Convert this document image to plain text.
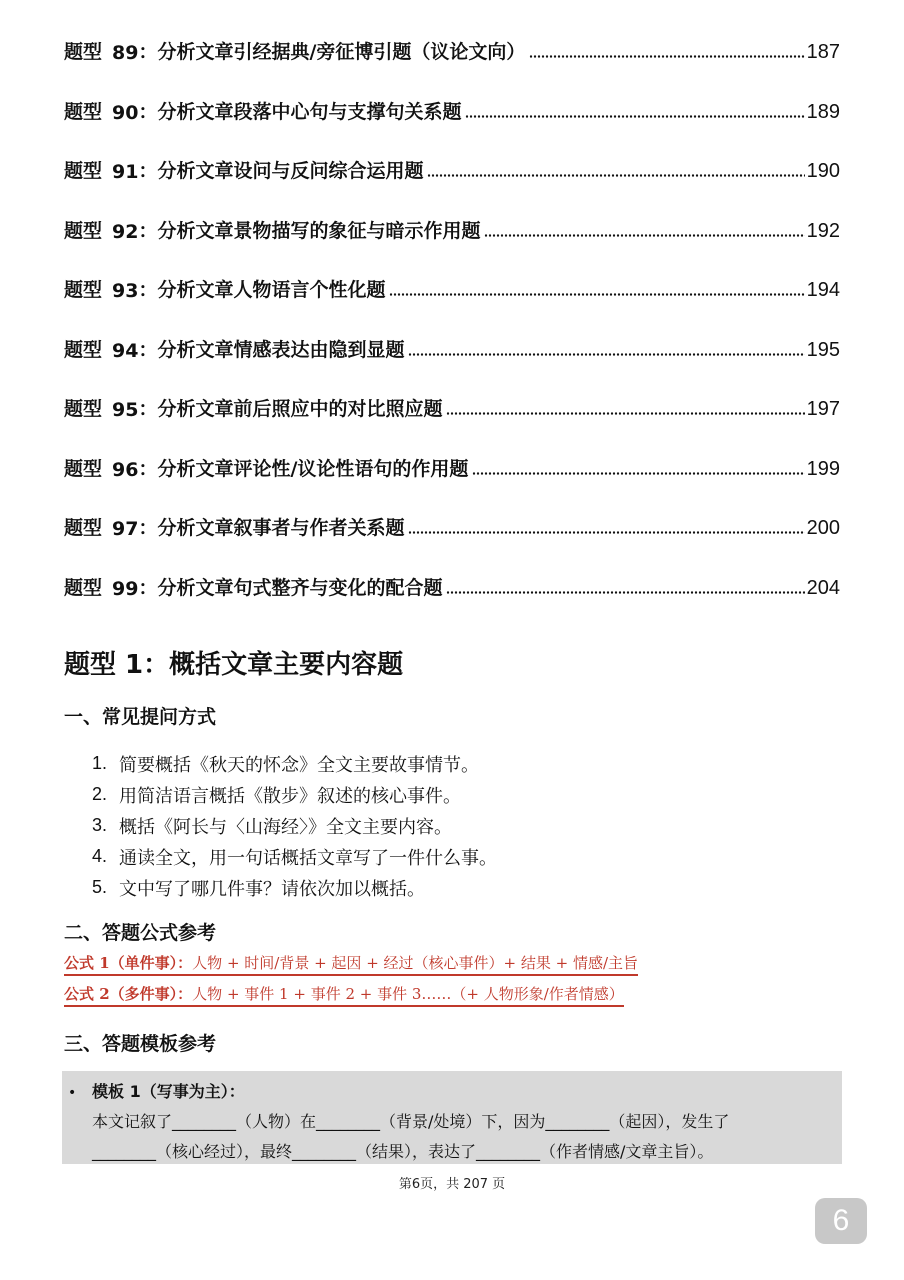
题型 89 ：分析文章引经据典/旁征博引题（议论文向）	187
题型 90 ：分析文章段落中心句与支撑句关系题	189
题型 91 ：分析文章设问与反问综合运用题	190
题型 92 ：分析文章景物描写的象征与暗示作用题	192
题型 93 ：分析文章人物语言个性化题	194
题型 94 ：分析文章情感表达由隐到显题	195
题型 95 ：分析文章前后照应中的对比照应题	197
题型 96 ：分析文章评论性/议论性语句的作用题	199
题型 97 ：分析文章叙事者与作者关系题	200
题型 99 ：分析文章句式整齐与变化的配合题	204
题型 1：概括文章主要内容题
一、常见提问方式
1. 简要概括《秋天的怀念》全文主要故事情节。
2. 用简洁语言概括《散步》叙述的核心事件。
3. 概括《阿长与〈山海经〉》全文主要内容。
4. 通读全文，用一句话概括文章写了一件什么事。
5. 文中写了哪几件事？请依次加以概括。
二、答题公式参考
公式 1（单件事）：人物 + 时间/背景 + 起因 + 经过（核心事件）+ 结果 + 情感/主旨
公式 2（多件事）：人物 + 事件 1 + 事件 2 + 事件 3……（+ 人物形象/作者情感）
三、答题模板参考
• 模板 1（写事为主）：
本文记叙了________（人物）在________（背景/处境）下，因为________（起因），发生了
________（核心经过），最终________（结果），表达了________（作者情感/文章主旨）。
第6页，共 207 页
6
